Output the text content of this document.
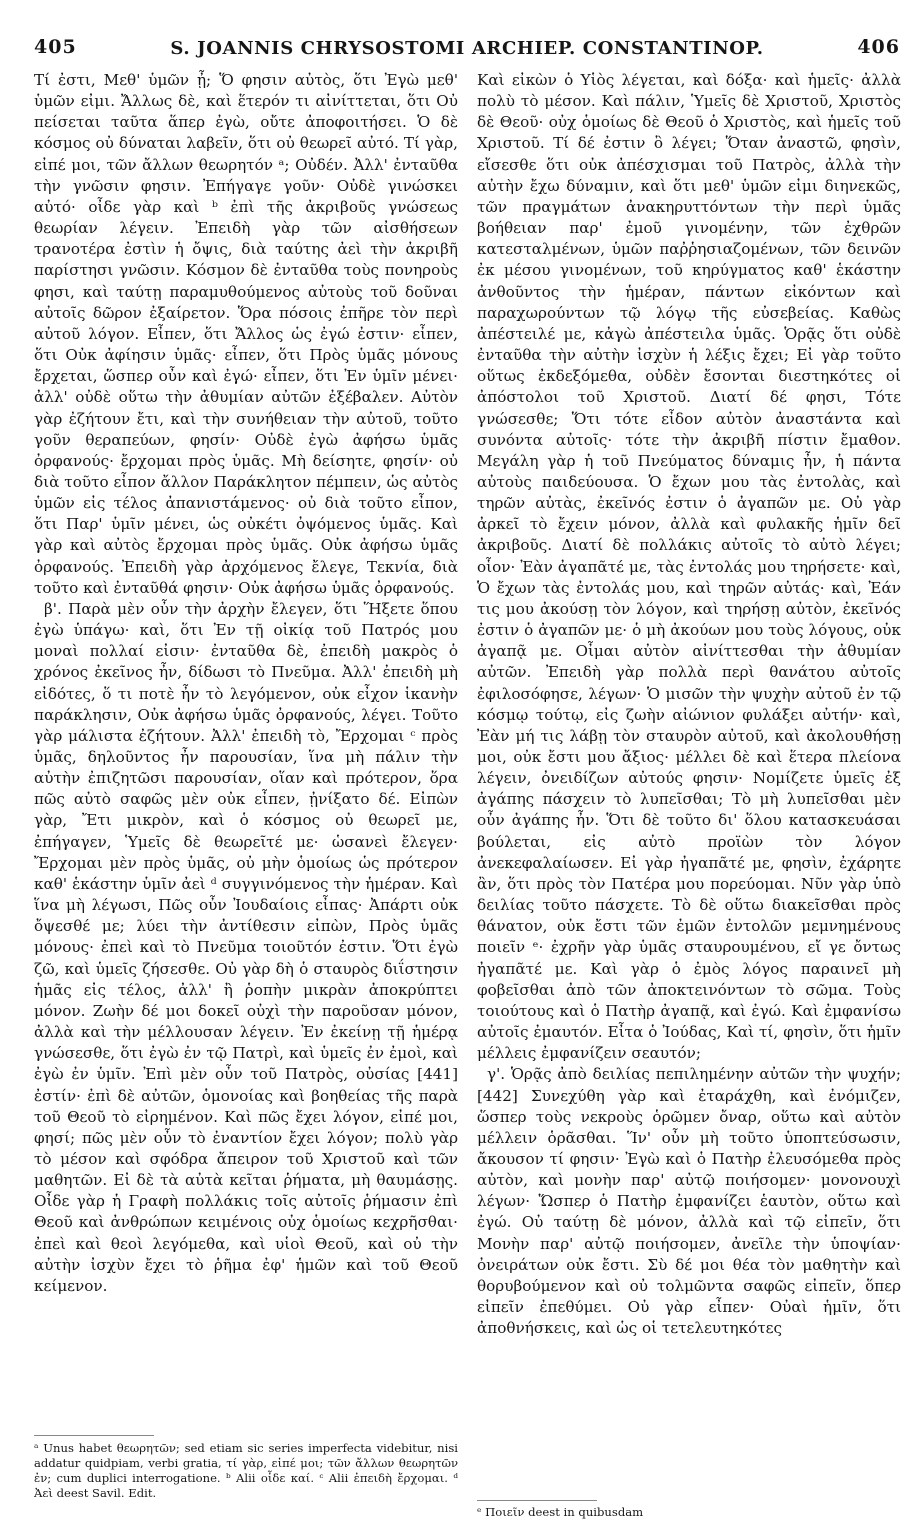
405	S. JOANNIS CHRYSOSTOMI ARCHIEP. CONSTANTINOP.	406

Τί ἐστι, Μεθ' ὑμῶν ᾖ; Ὅ φησιν αὐτὸς, ὅτι Ἐγὼ μεθ' ὑμῶν εἰμι. Ἄλλως δὲ, καὶ ἕτερόν τι αἰνίττεται, ὅτι Οὐ πείσεται ταῦτα ἅπερ ἐγὼ, οὔτε ἀποφοιτήσει. Ὁ δὲ κόσμος οὐ δύναται λαβεῖν, ὅτι οὐ θεωρεῖ αὐτό. Τί γὰρ, εἰπέ μοι, τῶν ἄλλων θεωρητόν ᵃ; Οὐδέν. Ἀλλ' ἐνταῦθα τὴν γνῶσιν φησιν. Ἐπήγαγε γοῦν· Οὐδὲ γινώσκει αὐτό· οἶδε γὰρ καὶ ᵇ ἐπὶ τῆς ἀκριβοῦς γνώσεως θεωρίαν λέγειν. Ἐπειδὴ γὰρ τῶν αἰσθήσεων τρανοτέρα ἐστὶν ἡ ὄψις, διὰ ταύτης ἀεὶ τὴν ἀκριβῆ παρίστησι γνῶσιν. Κόσμον δὲ ἐνταῦθα τοὺς πονηροὺς φησι, καὶ ταύτῃ παραμυθούμενος αὐτοὺς τοῦ δοῦναι αὐτοῖς δῶρον ἐξαίρετον. Ὅρα πόσοις ἐπῆρε τὸν περὶ αὐτοῦ λόγον. Εἶπεν, ὅτι Ἄλλος ὡς ἐγώ ἐστιν· εἶπεν, ὅτι Οὐκ ἀφίησιν ὑμᾶς· εἶπεν, ὅτι Πρὸς ὑμᾶς μόνους ἔρχεται, ὥσπερ οὖν καὶ ἐγώ· εἶπεν, ὅτι Ἐν ὑμῖν μένει· ἀλλ' οὐδὲ οὕτω τὴν ἀθυμίαν αὐτῶν ἐξέβαλεν. Αὐτὸν γὰρ ἐζήτουν ἔτι, καὶ τὴν συνήθειαν τὴν αὐτοῦ, τοῦτο γοῦν θεραπεύων, φησίν· Οὐδὲ ἐγὼ ἀφήσω ὑμᾶς ὀρφανούς· ἔρχομαι πρὸς ὑμᾶς. Μὴ δείσητε, φησίν· οὐ διὰ τοῦτο εἶπον ἄλλον Παράκλητον πέμπειν, ὡς αὐτὸς ὑμῶν εἰς τέλος ἀπανιστάμενος· οὐ διὰ τοῦτο εἶπον, ὅτι Παρ' ὑμῖν μένει, ὡς οὐκέτι ὀψόμενος ὑμᾶς. Καὶ γὰρ καὶ αὐτὸς ἔρχομαι πρὸς ὑμᾶς. Οὐκ ἀφήσω ὑμᾶς ὀρφανούς. Ἐπειδὴ γὰρ ἀρχόμενος ἔλεγε, Τεκνία, διὰ τοῦτο καὶ ἐνταῦθά φησιν· Οὐκ ἀφήσω ὑμᾶς ὀρφανούς.

β'. Παρὰ μὲν οὖν τὴν ἀρχὴν ἔλεγεν, ὅτι Ἥξετε ὅπου ἐγὼ ὑπάγω· καὶ, ὅτι Ἐν τῇ οἰκίᾳ τοῦ Πατρός μου μοναὶ πολλαί εἰσιν· ἐνταῦθα δὲ, ἐπειδὴ μακρὸς ὁ χρόνος ἐκεῖνος ἦν, δίδωσι τὸ Πνεῦμα. Ἀλλ' ἐπειδὴ μὴ εἰδότες, ὅ τι ποτὲ ἦν τὸ λεγόμενον, οὐκ εἶχον ἱκανὴν παράκλησιν, Οὐκ ἀφήσω ὑμᾶς ὀρφανούς, λέγει. Τοῦτο γὰρ μάλιστα ἐζήτουν. Ἀλλ' ἐπειδὴ τὸ, Ἔρχομαι ᶜ πρὸς ὑμᾶς, δηλοῦντος ἦν παρουσίαν, ἵνα μὴ πάλιν τὴν αὐτὴν ἐπιζητῶσι παρουσίαν, οἵαν καὶ πρότερον, ὅρα πῶς αὐτὸ σαφῶς μὲν οὐκ εἶπεν, ᾐνίξατο δέ. Εἰπὼν γὰρ, Ἔτι μικρὸν, καὶ ὁ κόσμος οὐ θεωρεῖ με, ἐπήγαγεν, Ὑμεῖς δὲ θεωρεῖτέ με· ὡσανεὶ ἔλεγεν· Ἔρχομαι μὲν πρὸς ὑμᾶς, οὐ μὴν ὁμοίως ὡς πρότερον καθ' ἑκάστην ὑμῖν ἀεὶ ᵈ συγγινόμενος τὴν ἡμέραν. Καὶ ἵνα μὴ λέγωσι, Πῶς οὖν Ἰουδαίοις εἶπας· Ἀπάρτι οὐκ ὄψεσθέ με; λύει τὴν ἀντίθεσιν εἰπὼν, Πρὸς ὑμᾶς μόνους· ἐπεὶ καὶ τὸ Πνεῦμα τοιοῦτόν ἐστιν. Ὅτι ἐγὼ ζῶ, καὶ ὑμεῖς ζήσεσθε. Οὐ γὰρ δὴ ὁ σταυρὸς διΐστησιν ἡμᾶς εἰς τέλος, ἀλλ' ἢ ῥοπὴν μικρὰν ἀποκρύπτει μόνον. Ζωὴν δέ μοι δοκεῖ οὐχὶ τὴν παροῦσαν μόνον, ἀλλὰ καὶ τὴν μέλλουσαν λέγειν. Ἐν ἐκείνῃ τῇ ἡμέρᾳ γνώσεσθε, ὅτι ἐγὼ ἐν τῷ Πατρὶ, καὶ ὑμεῖς ἐν ἐμοὶ, καὶ ἐγὼ ἐν ὑμῖν. Ἐπὶ μὲν οὖν τοῦ Πατρὸς, οὐσίας [441] ἐστίν· ἐπὶ δὲ αὐτῶν, ὁμονοίας καὶ βοηθείας τῆς παρὰ τοῦ Θεοῦ τὸ εἰρημένον. Καὶ πῶς ἔχει λόγον, εἰπέ μοι, φησί; πῶς μὲν οὖν τὸ ἐναντίον ἔχει λόγον; πολὺ γὰρ τὸ μέσον καὶ σφόδρα ἄπειρον τοῦ Χριστοῦ καὶ τῶν μαθητῶν. Εἰ δὲ τὰ αὐτὰ κεῖται ῥήματα, μὴ θαυμάσῃς. Οἶδε γὰρ ἡ Γραφὴ πολλάκις τοῖς αὐτοῖς ῥήμασιν ἐπὶ Θεοῦ καὶ ἀνθρώπων κειμένοις οὐχ ὁμοίως κεχρῆσθαι· ἐπεὶ καὶ θεοὶ λεγόμεθα, καὶ υἱοὶ Θεοῦ, καὶ οὐ τὴν αὐτὴν ἰσχὺν ἔχει τὸ ῥῆμα ἐφ' ἡμῶν καὶ τοῦ Θεοῦ κείμενον.

Καὶ εἰκὼν ὁ Υἱὸς λέγεται, καὶ δόξα· καὶ ἡμεῖς· ἀλλὰ πολὺ τὸ μέσον. Καὶ πάλιν, Ὑμεῖς δὲ Χριστοῦ, Χριστὸς δὲ Θεοῦ· οὐχ ὁμοίως δὲ Θεοῦ ὁ Χριστὸς, καὶ ἡμεῖς τοῦ Χριστοῦ. Τί δέ ἐστιν ὃ λέγει; Ὅταν ἀναστῶ, φησὶν, εἴσεσθε ὅτι οὐκ ἀπέσχισμαι τοῦ Πατρὸς, ἀλλὰ τὴν αὐτὴν ἔχω δύναμιν, καὶ ὅτι μεθ' ὑμῶν εἰμι διηνεκῶς, τῶν πραγμάτων ἀνακηρυττόντων τὴν περὶ ὑμᾶς βοήθειαν παρ' ἐμοῦ γινομένην, τῶν ἐχθρῶν κατεσταλμένων, ὑμῶν παῤῥησιαζομένων, τῶν δεινῶν ἐκ μέσου γινομένων, τοῦ κηρύγματος καθ' ἑκάστην ἀνθοῦντος τὴν ἡμέραν, πάντων εἰκόντων καὶ παραχωρούντων τῷ λόγῳ τῆς εὐσεβείας. Καθὼς ἀπέστειλέ με, κἀγὼ ἀπέστειλα ὑμᾶς. Ὁρᾷς ὅτι οὐδὲ ἐνταῦθα τὴν αὐτὴν ἰσχὺν ἡ λέξις ἔχει; Εἰ γὰρ τοῦτο οὕτως ἐκδεξόμεθα, οὐδὲν ἔσονται διεστηκότες οἱ ἀπόστολοι τοῦ Χριστοῦ. Διατί δέ φησι, Τότε γνώσεσθε; Ὅτι τότε εἶδον αὐτὸν ἀναστάντα καὶ συνόντα αὐτοῖς· τότε τὴν ἀκριβῆ πίστιν ἔμαθον. Μεγάλη γὰρ ἡ τοῦ Πνεύματος δύναμις ἦν, ἡ πάντα αὐτοὺς παιδεύουσα. Ὁ ἔχων μου τὰς ἐντολὰς, καὶ τηρῶν αὐτὰς, ἐκεῖνός ἐστιν ὁ ἀγαπῶν με. Οὐ γὰρ ἀρκεῖ τὸ ἔχειν μόνον, ἀλλὰ καὶ φυλακῆς ἡμῖν δεῖ ἀκριβοῦς. Διατί δὲ πολλάκις αὐτοῖς τὸ αὐτὸ λέγει; οἷον· Ἐὰν ἀγαπᾶτέ με, τὰς ἐντολάς μου τηρήσετε· καὶ, Ὁ ἔχων τὰς ἐντολάς μου, καὶ τηρῶν αὐτάς· καὶ, Ἐάν τις μου ἀκούσῃ τὸν λόγον, καὶ τηρήσῃ αὐτὸν, ἐκεῖνός ἐστιν ὁ ἀγαπῶν με· ὁ μὴ ἀκούων μου τοὺς λόγους, οὐκ ἀγαπᾷ με. Οἶμαι αὐτὸν αἰνίττεσθαι τὴν ἀθυμίαν αὐτῶν. Ἐπειδὴ γὰρ πολλὰ περὶ θανάτου αὐτοῖς ἐφιλοσόφησε, λέγων· Ὁ μισῶν τὴν ψυχὴν αὐτοῦ ἐν τῷ κόσμῳ τούτῳ, εἰς ζωὴν αἰώνιον φυλάξει αὐτήν· καὶ, Ἐὰν μή τις λάβῃ τὸν σταυρὸν αὐτοῦ, καὶ ἀκολουθήσῃ μοι, οὐκ ἔστι μου ἄξιος· μέλλει δὲ καὶ ἕτερα πλείονα λέγειν, ὀνειδίζων αὐτούς φησιν· Νομίζετε ὑμεῖς ἐξ ἀγάπης πάσχειν τὸ λυπεῖσθαι; Τὸ μὴ λυπεῖσθαι μὲν οὖν ἀγάπης ἦν. Ὅτι δὲ τοῦτο δι' ὅλου κατασκευάσαι βούλεται, εἰς αὐτὸ προϊὼν τὸν λόγον ἀνεκεφαλαίωσεν. Εἰ γὰρ ἠγαπᾶτέ με, φησὶν, ἐχάρητε ἂν, ὅτι πρὸς τὸν Πατέρα μου πορεύομαι. Νῦν γὰρ ὑπὸ δειλίας τοῦτο πάσχετε. Τὸ δὲ οὕτω διακεῖσθαι πρὸς θάνατον, οὐκ ἔστι τῶν ἐμῶν ἐντολῶν μεμνημένους ποιεῖν ᵉ· ἐχρῆν γὰρ ὑμᾶς σταυρουμένου, εἴ γε ὄντως ἠγαπᾶτέ με. Καὶ γὰρ ὁ ἐμὸς λόγος παραινεῖ μὴ φοβεῖσθαι ἀπὸ τῶν ἀποκτεινόντων τὸ σῶμα. Τοὺς τοιούτους καὶ ὁ Πατὴρ ἀγαπᾷ, καὶ ἐγώ. Καὶ ἐμφανίσω αὐτοῖς ἐμαυτόν. Εἶτα ὁ Ἰούδας, Καὶ τί, φησὶν, ὅτι ἡμῖν μέλλεις ἐμφανίζειν σεαυτόν;

γ'. Ὁρᾷς ἀπὸ δειλίας πεπιλημένην αὐτῶν τὴν ψυχήν; [442] Συνεχύθη γὰρ καὶ ἐταράχθη, καὶ ἐνόμιζεν, ὥσπερ τοὺς νεκροὺς ὁρῶμεν ὄναρ, οὕτω καὶ αὐτὸν μέλλειν ὁρᾶσθαι. Ἵν' οὖν μὴ τοῦτο ὑποπτεύσωσιν, ἄκουσον τί φησιν· Ἐγὼ καὶ ὁ Πατὴρ ἐλευσόμεθα πρὸς αὐτὸν, καὶ μονὴν παρ' αὐτῷ ποιήσομεν· μονονουχὶ λέγων· Ὥσπερ ὁ Πατὴρ ἐμφανίζει ἑαυτὸν, οὕτω καὶ ἐγώ. Οὐ ταύτῃ δὲ μόνον, ἀλλὰ καὶ τῷ εἰπεῖν, ὅτι Μονὴν παρ' αὐτῷ ποιήσομεν, ἀνεῖλε τὴν ὑποψίαν· ὀνειράτων οὐκ ἔστι. Σὺ δέ μοι θέα τὸν μαθητὴν καὶ θορυβούμενον καὶ οὐ τολμῶντα σαφῶς εἰπεῖν, ὅπερ εἰπεῖν ἐπεθύμει. Οὐ γὰρ εἶπεν· Οὐαὶ ἡμῖν, ὅτι ἀποθνήσκεις, καὶ ὡς οἱ τετελευτηκότες

ᵃ Unus habet θεωρητῶν; sed etiam sic series imperfecta videbitur, nisi addatur quidpiam, verbi gratia, τί γὰρ, εἰπέ μοι; τῶν ἄλλων θεωρητῶν ἐν; cum duplici interrogatione. ᵇ Alii οἶδε καί. ᶜ Alii ἐπειδὴ ἔρχομαι. ᵈ Ἀεὶ deest Savil. Edit.
ᵉ Ποιεῖν deest in quibusdam
